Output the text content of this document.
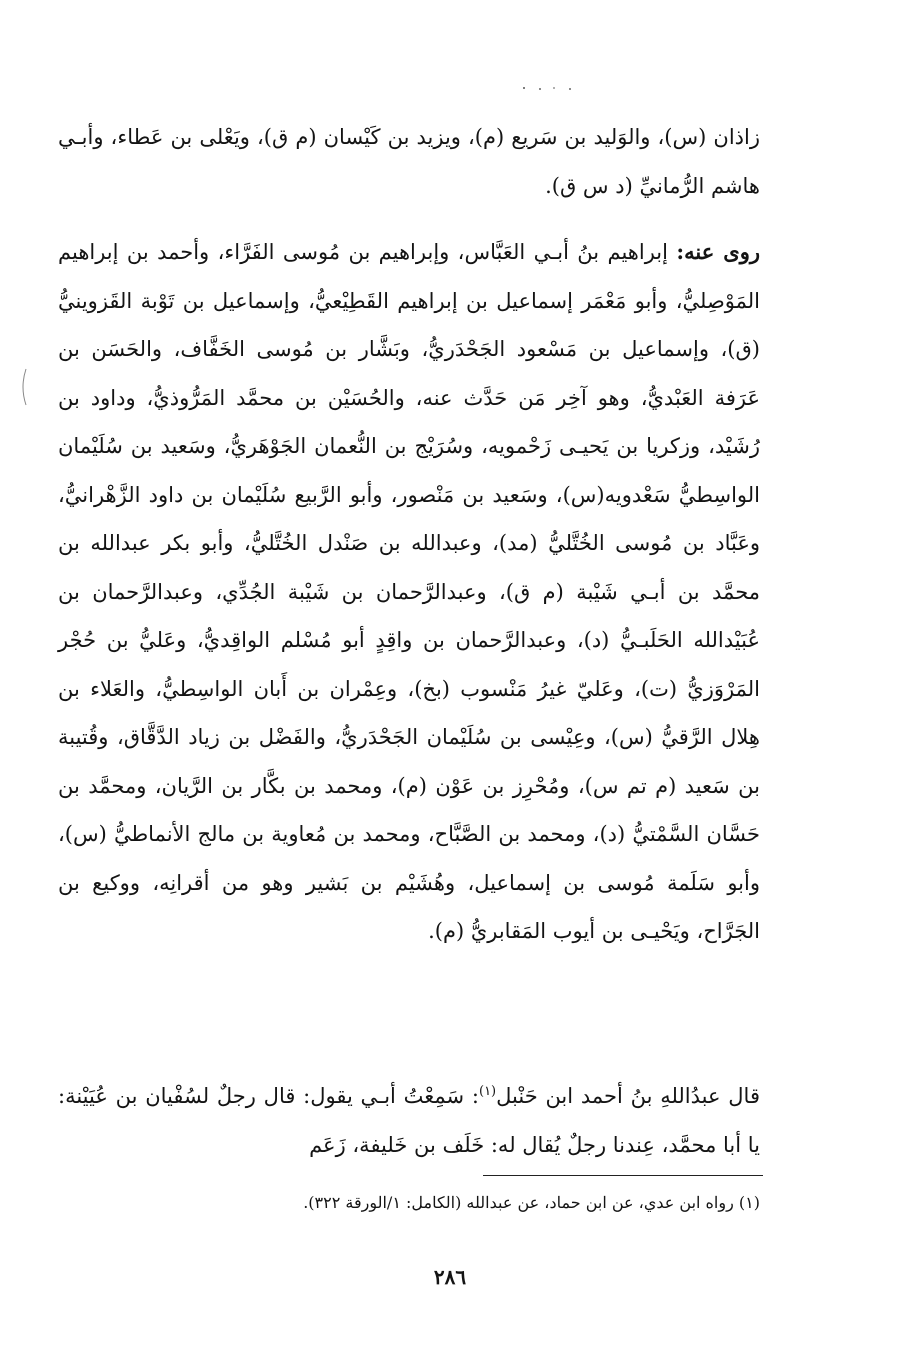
زاذان (س)، والوَليد بن سَريع (م)، ويزيد بن كَيْسان (م ق)، ويَعْلى بن عَطاء، وأبـي هاشم الرُّمانيِّ (د س ق).
روى عنه: إبراهيم بنُ أبـي العَبَّاس، وإبراهيم بن مُوسى الفَرَّاء، وأحمد بن إبراهيم المَوْصِليُّ، وأبو مَعْمَر إسماعيل بن إبراهيم القَطِيْعيُّ، وإسماعيل بن تَوْبة القَزوينيُّ (ق)، وإسماعيل بن مَسْعود الجَحْدَريُّ، وبَشَّار بن مُوسى الخَفَّاف، والحَسَن بن عَرَفة العَبْديُّ، وهو آخِر مَن حَدَّث عنه، والحُسَيْن بن محمَّد المَرُّوذيُّ، وداود بن رُشَيْد، وزكريا بن يَحيـى زَحْمويه، وسُرَيْج بن النُّعمان الجَوْهَريُّ، وسَعيد بن سُلَيْمان الواسِطيُّ سَعْدويه(س)، وسَعيد بن مَنْصور، وأبو الرَّبيع سُلَيْمان بن داود الزَّهْرانيُّ، وعَبَّاد بن مُوسى الخُتَّليُّ (مد)، وعبدالله بن صَنْدل الخُتَّليُّ، وأبو بكر عبدالله بن محمَّد بن أبـي شَيْبة (م ق)، وعبدالرَّحمان بن شَيْبة الجُدِّي، وعبدالرَّحمان بن عُبَيْدالله الحَلَبـيُّ (د)، وعبدالرَّحمان بن واقِدٍ أبو مُسْلم الواقِديُّ، وعَليُّ بن حُجْر المَرْوَزيُّ (ت)، وعَليّ غيرُ مَنْسوب (بخ)، وعِمْران بن أَبان الواسِطيُّ، والعَلاء بن هِلال الرَّقيُّ (س)، وعِيْسى بن سُلَيْمان الجَحْدَريُّ، والفَضْل بن زياد الدَّقَّاق، وقُتيبة بن سَعيد (م تم س)، ومُحْرِز بن عَوْن (م)، ومحمد بن بكَّار بن الرَّيان، ومحمَّد بن حَسَّان السَّمْتيُّ (د)، ومحمد بن الصَّبَّاح، ومحمد بن مُعاوية بن مالج الأنماطيُّ (س)، وأبو سَلَمة مُوسى بن إسماعيل، وهُشَيْم بن بَشير وهو من أقرانِه، ووكيع بن الجَرَّاح، ويَحْيـى بن أيوب المَقابريُّ (م).
قال عبدُاللهِ بنُ أحمد ابن حَنْبل$^{(١)}$: سَمِعْتُ أبـي يقول: قال رجلٌ لسُفْيان بن عُيَيْنة: يا أبا محمَّد، عِندنا رجلٌ يُقال له: خَلَف بن خَليفة، زَعَم
(١) رواه ابن عدي، عن ابن حماد، عن عبدالله (الكامل: ١/الورقة ٣٢٢).
٢٨٦
